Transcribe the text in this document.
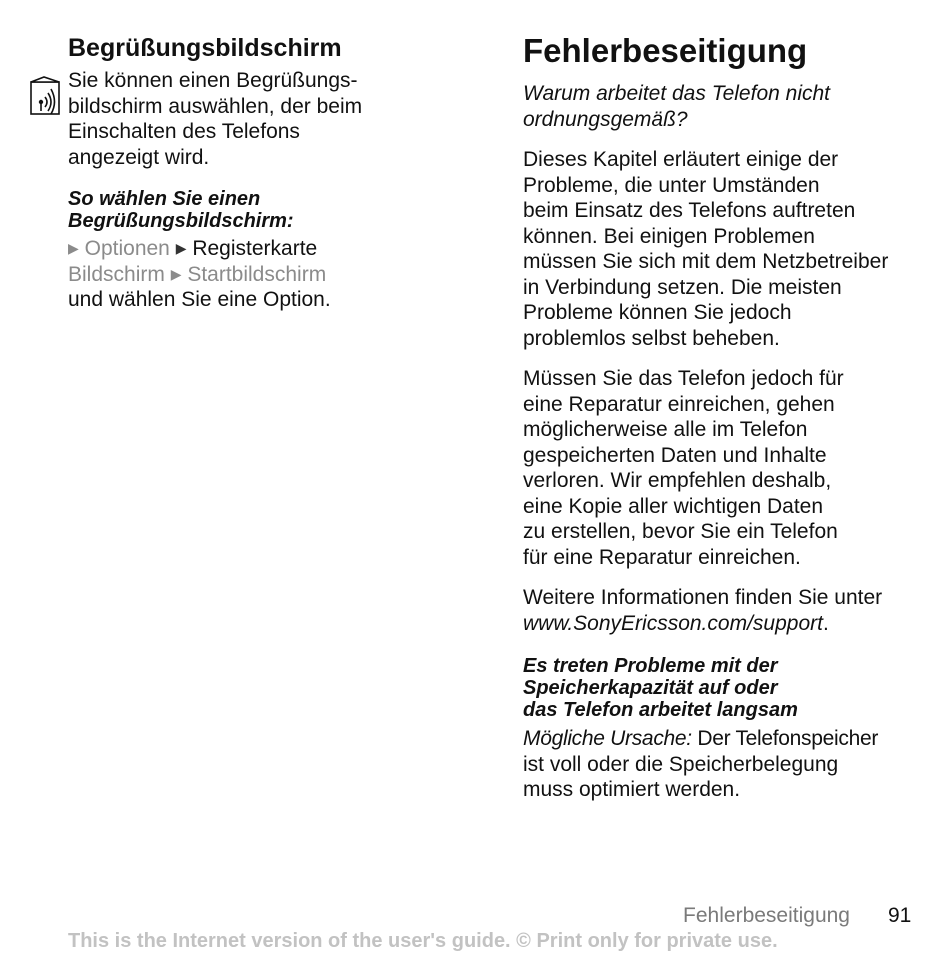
Begrüßungsbildschirm
Sie können einen Begrüßungs-
bildschirm auswählen, der beim
Einschalten des Telefons
angezeigt wird.
So wählen Sie einen
Begrüßungsbildschirm:
▶ Optionen ▶ Registerkarte
Bildschirm ▶ Startbildschirm
und wählen Sie eine Option.
Fehlerbeseitigung
Warum arbeitet das Telefon nicht
ordnungsgemäß?
Dieses Kapitel erläutert einige der
Probleme, die unter Umständen
beim Einsatz des Telefons auftreten
können. Bei einigen Problemen
müssen Sie sich mit dem Netzbetreiber
in Verbindung setzen. Die meisten
Probleme können Sie jedoch
problemlos selbst beheben.
Müssen Sie das Telefon jedoch für
eine Reparatur einreichen, gehen
möglicherweise alle im Telefon
gespeicherten Daten und Inhalte
verloren. Wir empfehlen deshalb,
eine Kopie aller wichtigen Daten
zu erstellen, bevor Sie ein Telefon
für eine Reparatur einreichen.
Weitere Informationen finden Sie unter
www.SonyEricsson.com/support.
Es treten Probleme mit der
Speicherkapazität auf oder
das Telefon arbeitet langsam
Mögliche Ursache: Der Telefonspeicher
ist voll oder die Speicherbelegung
muss optimiert werden.
Fehlerbeseitigung 91
This is the Internet version of the user's guide. © Print only for private use.
